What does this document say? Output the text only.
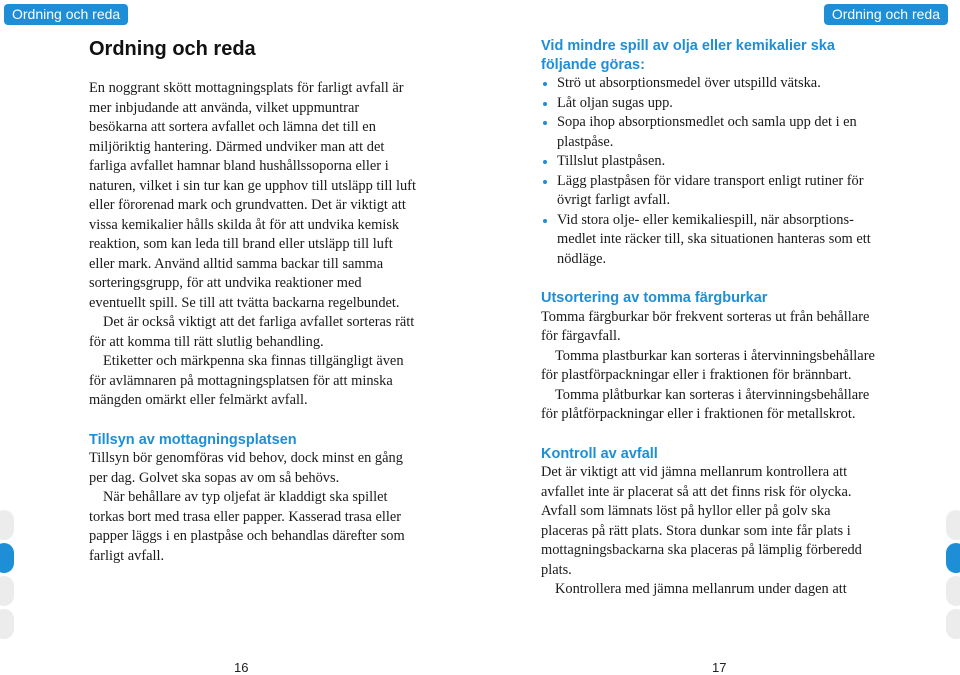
Ordning och reda	Ordning och reda
Ordning och reda

En noggrant skött mottagningsplats för farligt avfall är mer inbjudande att använda, vilket uppmuntrar besökarna att sortera avfallet och lämna det till en miljöriktig hantering. Därmed undviker man att det farliga avfallet hamnar bland hushållssoporna eller i naturen, vilket i sin tur kan ge upphov till utsläpp till luft eller förorenad mark och grundvatten. Det är viktigt att vissa kemikalier hålls skilda åt för att undvika kemisk reaktion, som kan leda till brand eller utsläpp till luft eller mark. Använd alltid samma backar till samma sorteringsgrupp, för att undvika reaktioner med eventuellt spill. Se till att tvätta backarna regelbundet.

Det är också viktigt att det farliga avfallet sorteras rätt för att komma till rätt slutlig behandling.

Etiketter och märkpenna ska finnas tillgängligt även för avlämnaren på mottagningsplatsen för att minska mängden omärkt eller felmärkt avfall.

Tillsyn av mottagningsplatsen

Tillsyn bör genomföras vid behov, dock minst en gång per dag. Golvet ska sopas av om så behövs.

När behållare av typ oljefat är kladdigt ska spillet torkas bort med trasa eller papper. Kasserad trasa eller papper läggs i en plastpåse och behandlas därefter som farligt avfall.

Vid mindre spill av olja eller kemikalier ska följande göras:
Strö ut absorptionsmedel över utspilld vätska.
Låt oljan sugas upp.
Sopa ihop absorptionsmedlet och samla upp det i en plastpåse.
Tillslut plastpåsen.
Lägg plastpåsen för vidare transport enligt rutiner för övrigt farligt avfall.
Vid stora olje- eller kemikaliespill, när absorptionsmedlet inte räcker till, ska situationen hanteras som ett nödläge.
Utsortering av tomma färgburkar

Tomma färgburkar bör frekvent sorteras ut från behållare för färgavfall.

Tomma plastburkar kan sorteras i återvinningsbehållare för plastförpackningar eller i fraktionen för brännbart.

Tomma plåtburkar kan sorteras i återvinningsbehållare för plåtförpackningar eller i fraktionen för metallskrot.

Kontroll av avfall

Det är viktigt att vid jämna mellanrum kontrollera att avfallet inte är placerat så att det finns risk för olycka. Avfall som lämnats löst på hyllor eller på golv ska placeras på rätt plats. Stora dunkar som inte får plats i mottagningsbackarna ska placeras på lämplig förberedd plats.

Kontrollera med jämna mellanrum under dagen att

16	17
